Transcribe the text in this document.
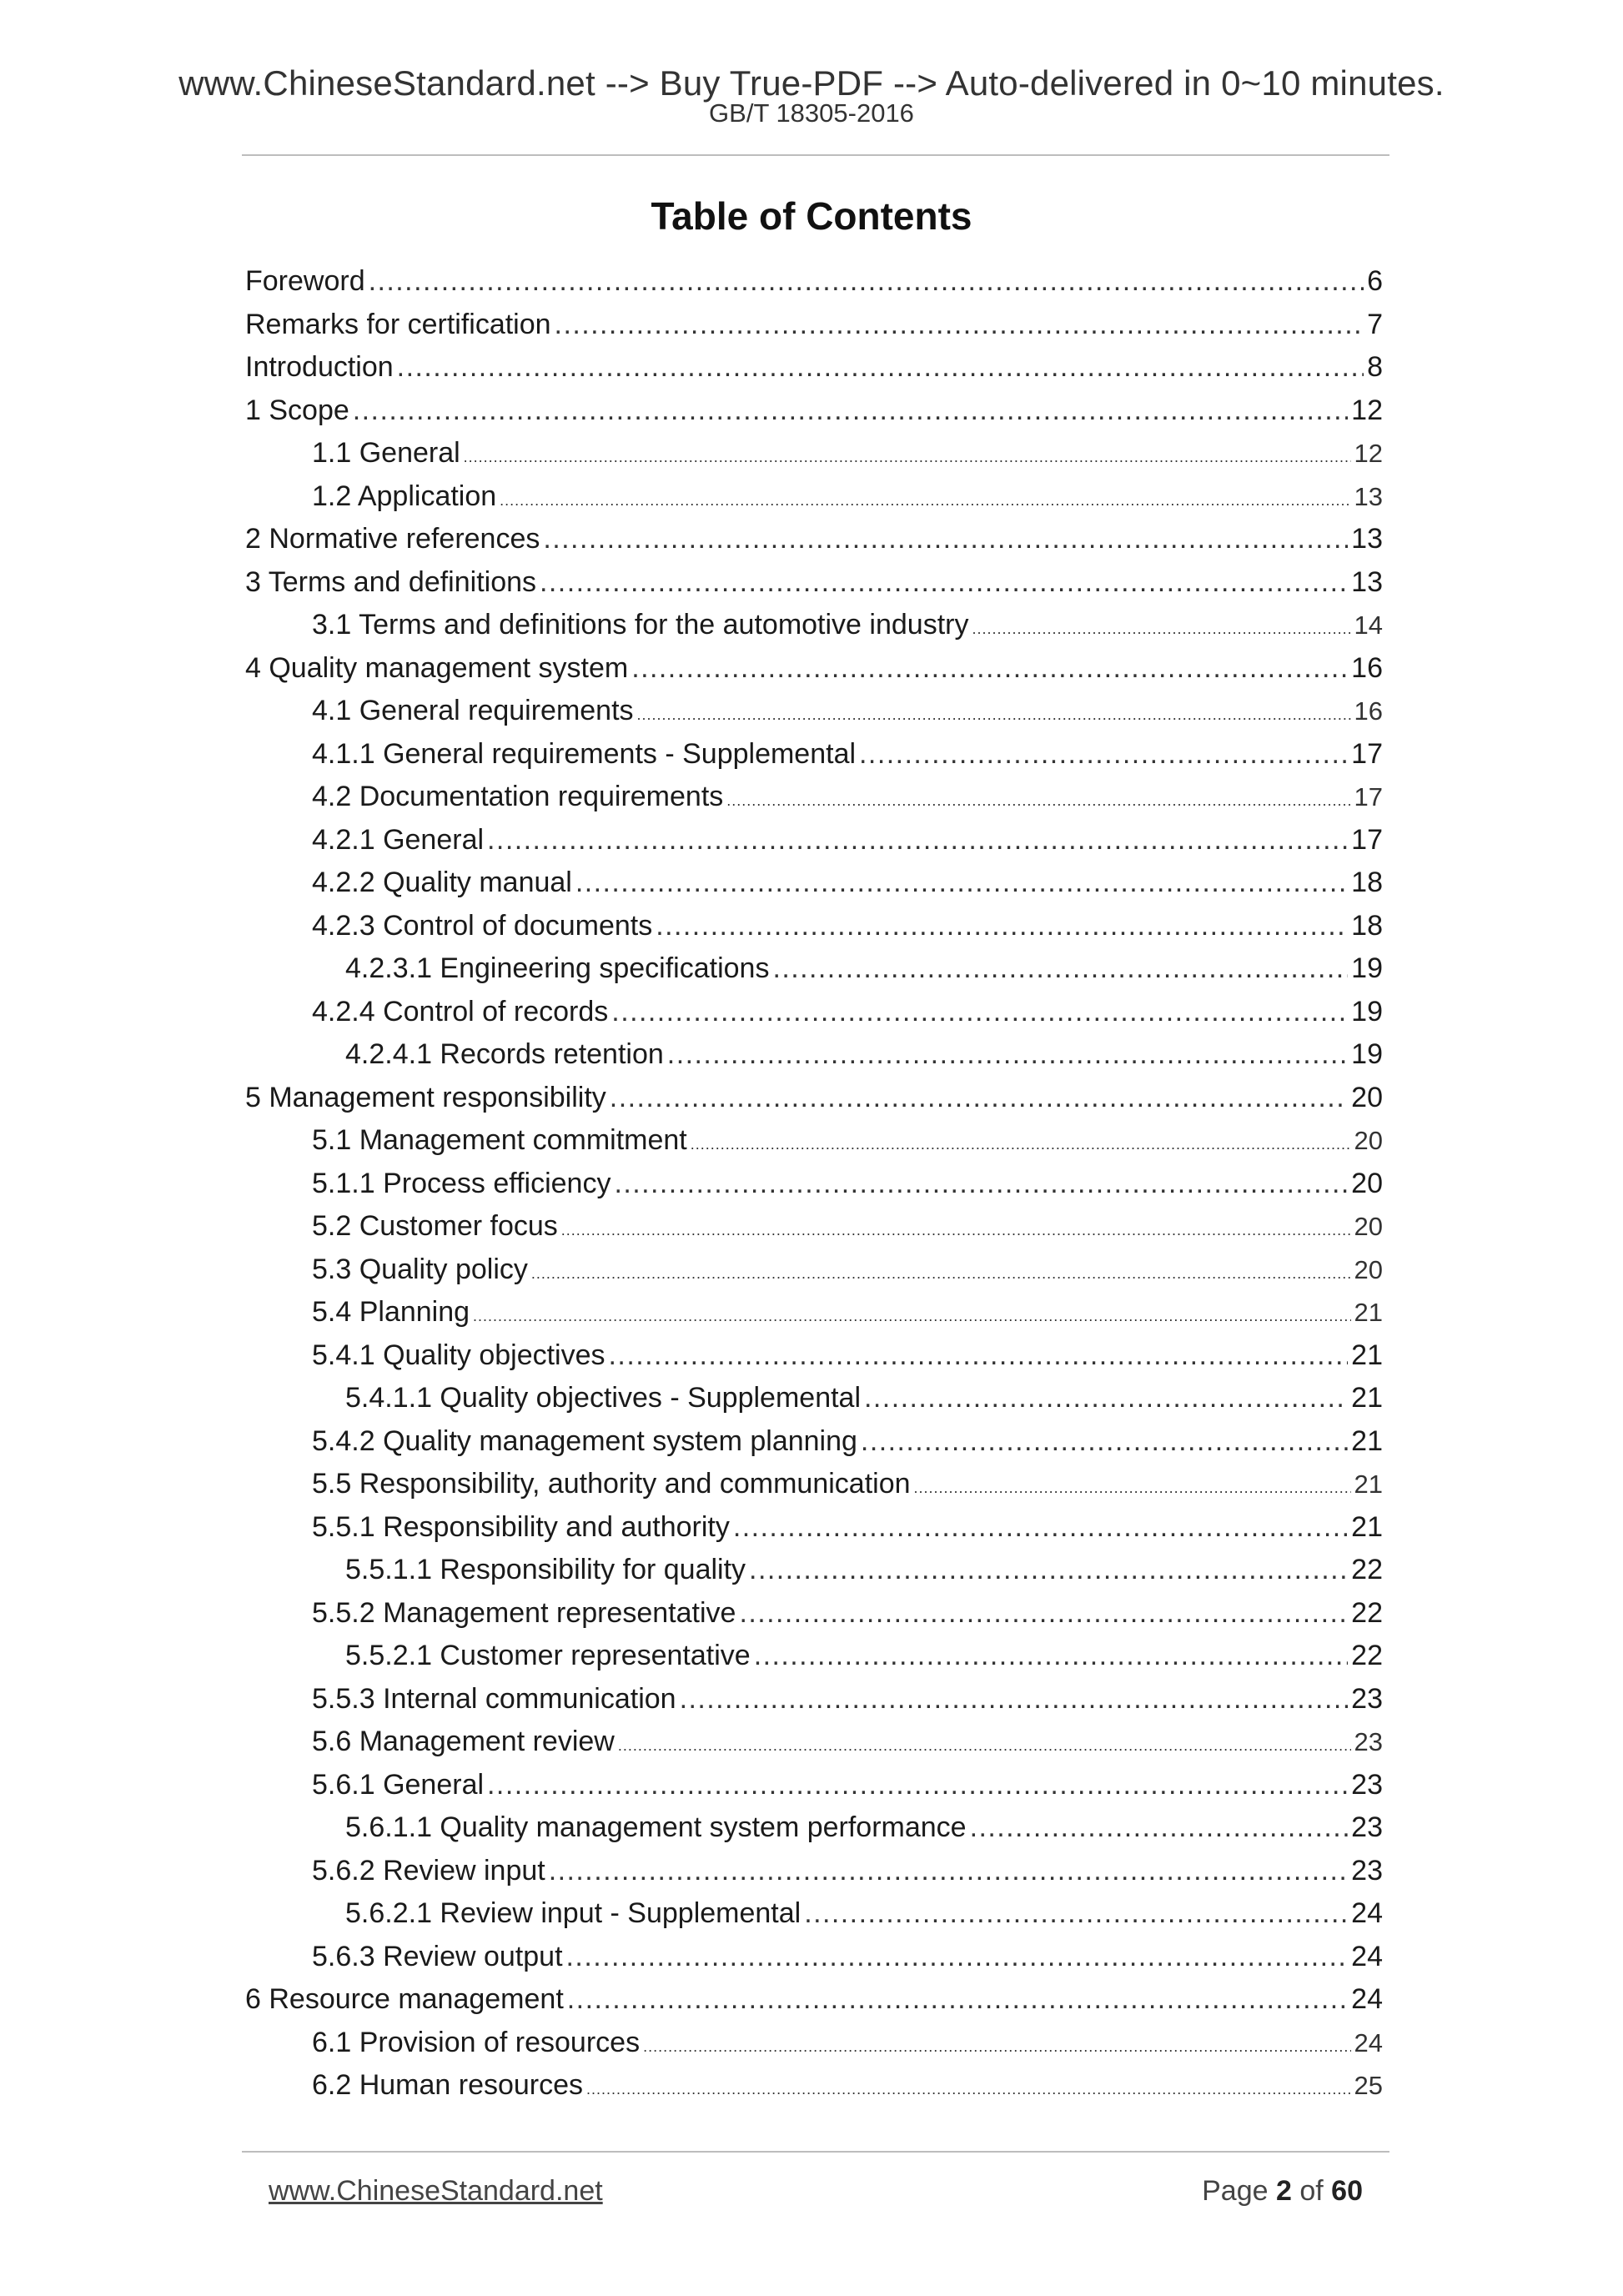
www.ChineseStandard.net --> Buy True-PDF --> Auto-delivered in 0~10 minutes.
GB/T 18305-2016
Table of Contents
Foreword . . .	6
Remarks for certification . . .	7
Introduction . . .	8
1 Scope . . .	12
1.1 General . . .	12
1.2 Application . . .	13
2 Normative references . . .	13
3 Terms and definitions . . .	13
3.1 Terms and definitions for the automotive industry . . .	14
4 Quality management system . . .	16
4.1 General requirements . . .	16
4.1.1 General requirements - Supplemental . . .	17
4.2 Documentation requirements . . .	17
4.2.1 General . . .	17
4.2.2 Quality manual . . .	18
4.2.3 Control of documents . . .	18
4.2.3.1 Engineering specifications . . .	19
4.2.4 Control of records . . .	19
4.2.4.1 Records retention . . .	19
5 Management responsibility . . .	20
5.1 Management commitment . . .	20
5.1.1 Process efficiency . . .	20
5.2 Customer focus . . .	20
5.3 Quality policy . . .	20
5.4 Planning . . .	21
5.4.1 Quality objectives . . .	21
5.4.1.1 Quality objectives - Supplemental . . .	21
5.4.2 Quality management system planning . . .	21
5.5 Responsibility, authority and communication . . .	21
5.5.1 Responsibility and authority . . .	21
5.5.1.1 Responsibility for quality . . .	22
5.5.2 Management representative . . .	22
5.5.2.1 Customer representative . . .	22
5.5.3 Internal communication . . .	23
5.6 Management review . . .	23
5.6.1 General . . .	23
5.6.1.1 Quality management system performance . . .	23
5.6.2 Review input . . .	23
5.6.2.1 Review input - Supplemental . . .	24
5.6.3 Review output . . .	24
6 Resource management . . .	24
6.1 Provision of resources . . .	24
6.2 Human resources . . .	25
www.ChineseStandard.net	Page 2 of 60
